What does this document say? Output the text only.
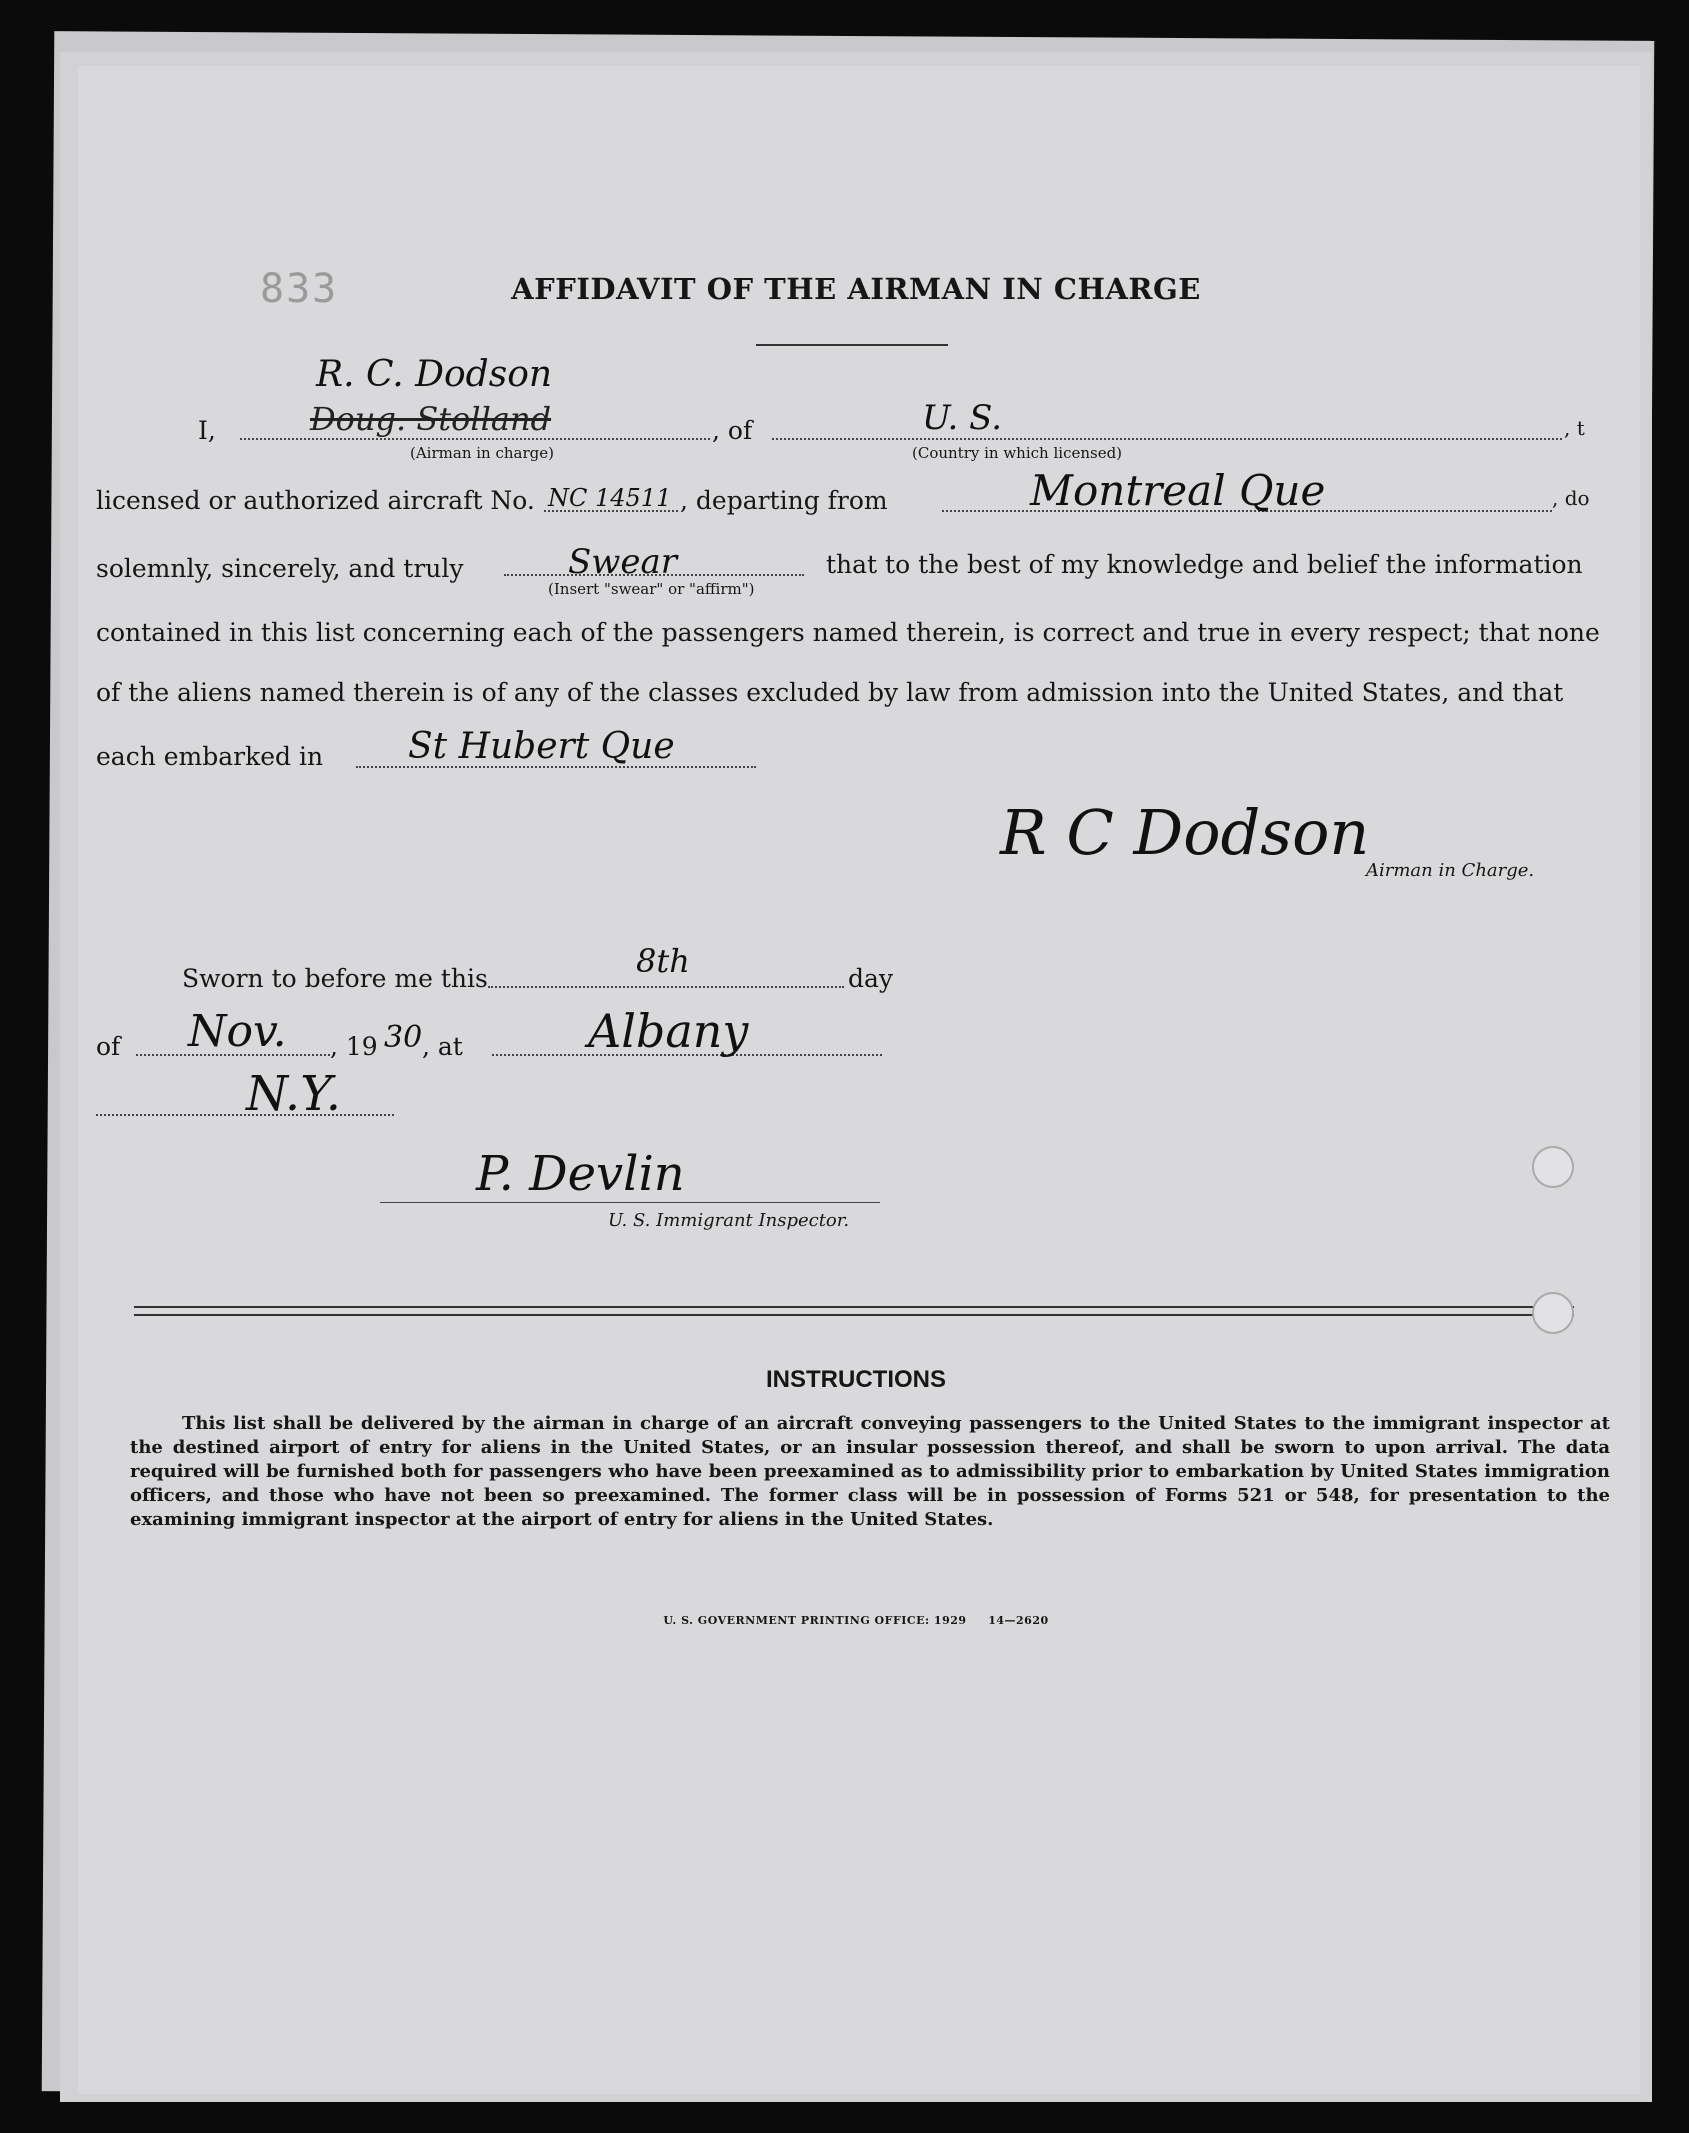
833	AFFIDAVIT OF THE AIRMAN IN CHARGE
R. C. Dodson
I,	Doug. Stolland
(Airman in charge)
, of	U. S.
(Country in which licensed)
, t
licensed or authorized aircraft No. NC 14511 , departing from	Montreal Que	, do
solemnly, sincerely, and truly	Swear
(Insert "swear" or "affirm")
that to the best of my knowledge and belief the information
contained in this list concerning each of the passengers named therein, is correct and true in every respect; that none
of the aliens named therein is of any of the classes excluded by law from admission into the United States, and that
each embarked in St Hubert Que
R C Dodson
Airman in Charge.
Sworn to before me this	8th	day
of Nov. , 19 30 , at	Albany
N.Y.
P. Devlin
U. S. Immigrant Inspector.
INSTRUCTIONS
This list shall be delivered by the airman in charge of an aircraft conveying passengers to the United States to the immigrant inspector at the destined airport of entry for aliens in the United States, or an insular possession thereof, and shall be sworn to upon arrival. The data required will be furnished both for passengers who have been preexamined as to admissibility prior to embarkation by United States immigration officers, and those who have not been so preexamined. The former class will be in possession of Forms 521 or 548, for presentation to the examining immigrant inspector at the airport of entry for aliens in the United States.
U. S. GOVERNMENT PRINTING OFFICE: 1929 14—2620
